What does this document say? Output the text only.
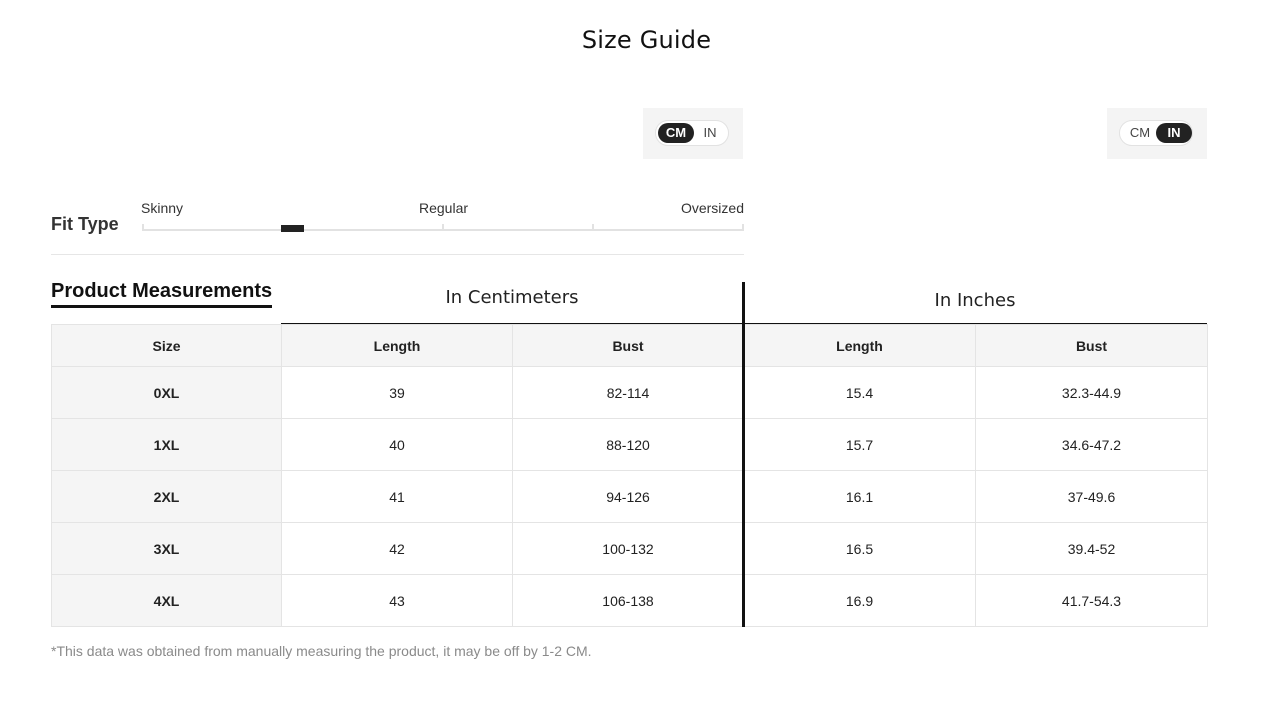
Size Guide
CM	IN	CM	IN
Fit Type
Skinny	Regular	Oversized
Product Measurements	In Centimeters	In Inches
Size	Length	Bust	Length	Bust
0XL	39	82-114	15.4	32.3-44.9
1XL	40	88-120	15.7	34.6-47.2
2XL	41	94-126	16.1	37-49.6
3XL	42	100-132	16.5	39.4-52
4XL	43	106-138	16.9	41.7-54.3
*This data was obtained from manually measuring the product, it may be off by 1-2 CM.
